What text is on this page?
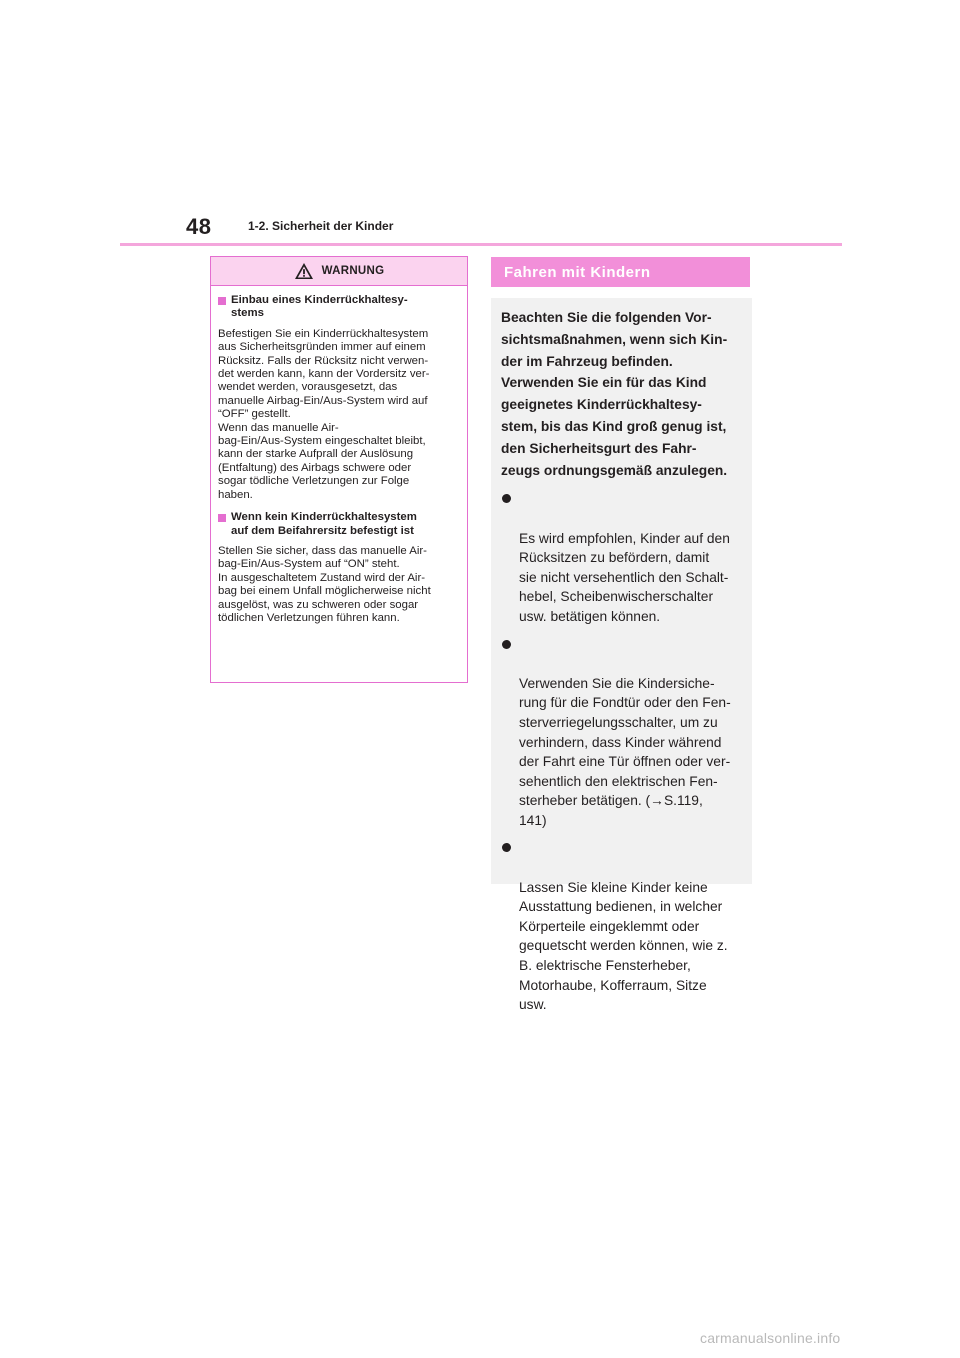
48	1-2. Sicherheit der Kinder
WARNUNG
Einbau eines Kinderrückhaltesy-
stems
Befestigen Sie ein Kinderrückhaltesystem
aus Sicherheitsgründen immer auf einem
Rücksitz. Falls der Rücksitz nicht verwen-
det werden kann, kann der Vordersitz ver-
wendet werden, vorausgesetzt, das
manuelle Airbag-Ein/Aus-System wird auf
“OFF” gestellt.
Wenn das manuelle Air-
bag-Ein/Aus-System eingeschaltet bleibt,
kann der starke Aufprall der Auslösung
(Entfaltung) des Airbags schwere oder
sogar tödliche Verletzungen zur Folge
haben.
Wenn kein Kinderrückhaltesystem
auf dem Beifahrersitz befestigt ist
Stellen Sie sicher, dass das manuelle Air-
bag-Ein/Aus-System auf “ON” steht.
In ausgeschaltetem Zustand wird der Air-
bag bei einem Unfall möglicherweise nicht
ausgelöst, was zu schweren oder sogar
tödlichen Verletzungen führen kann.
Fahren mit Kindern
Beachten Sie die folgenden Vor-
sichtsmaßnahmen, wenn sich Kin-
der im Fahrzeug befinden.
Verwenden Sie ein für das Kind
geeignetes Kinderrückhaltesy-
stem, bis das Kind groß genug ist,
den Sicherheitsgurt des Fahr-
zeugs ordnungsgemäß anzulegen.

Es wird empfohlen, Kinder auf den
Rücksitzen zu befördern, damit
sie nicht versehentlich den Schalt-
hebel, Scheibenwischerschalter
usw. betätigen können.

Verwenden Sie die Kindersiche-
rung für die Fondtür oder den Fen-
sterverriegelungsschalter, um zu
verhindern, dass Kinder während
der Fahrt eine Tür öffnen oder ver-
sehentlich den elektrischen Fen-
sterheber betätigen. (→S.119,
141)

Lassen Sie kleine Kinder keine
Ausstattung bedienen, in welcher
Körperteile eingeklemmt oder
gequetscht werden können, wie z.
B. elektrische Fensterheber,
Motorhaube, Kofferraum, Sitze
usw.

carmanualsonline.info
